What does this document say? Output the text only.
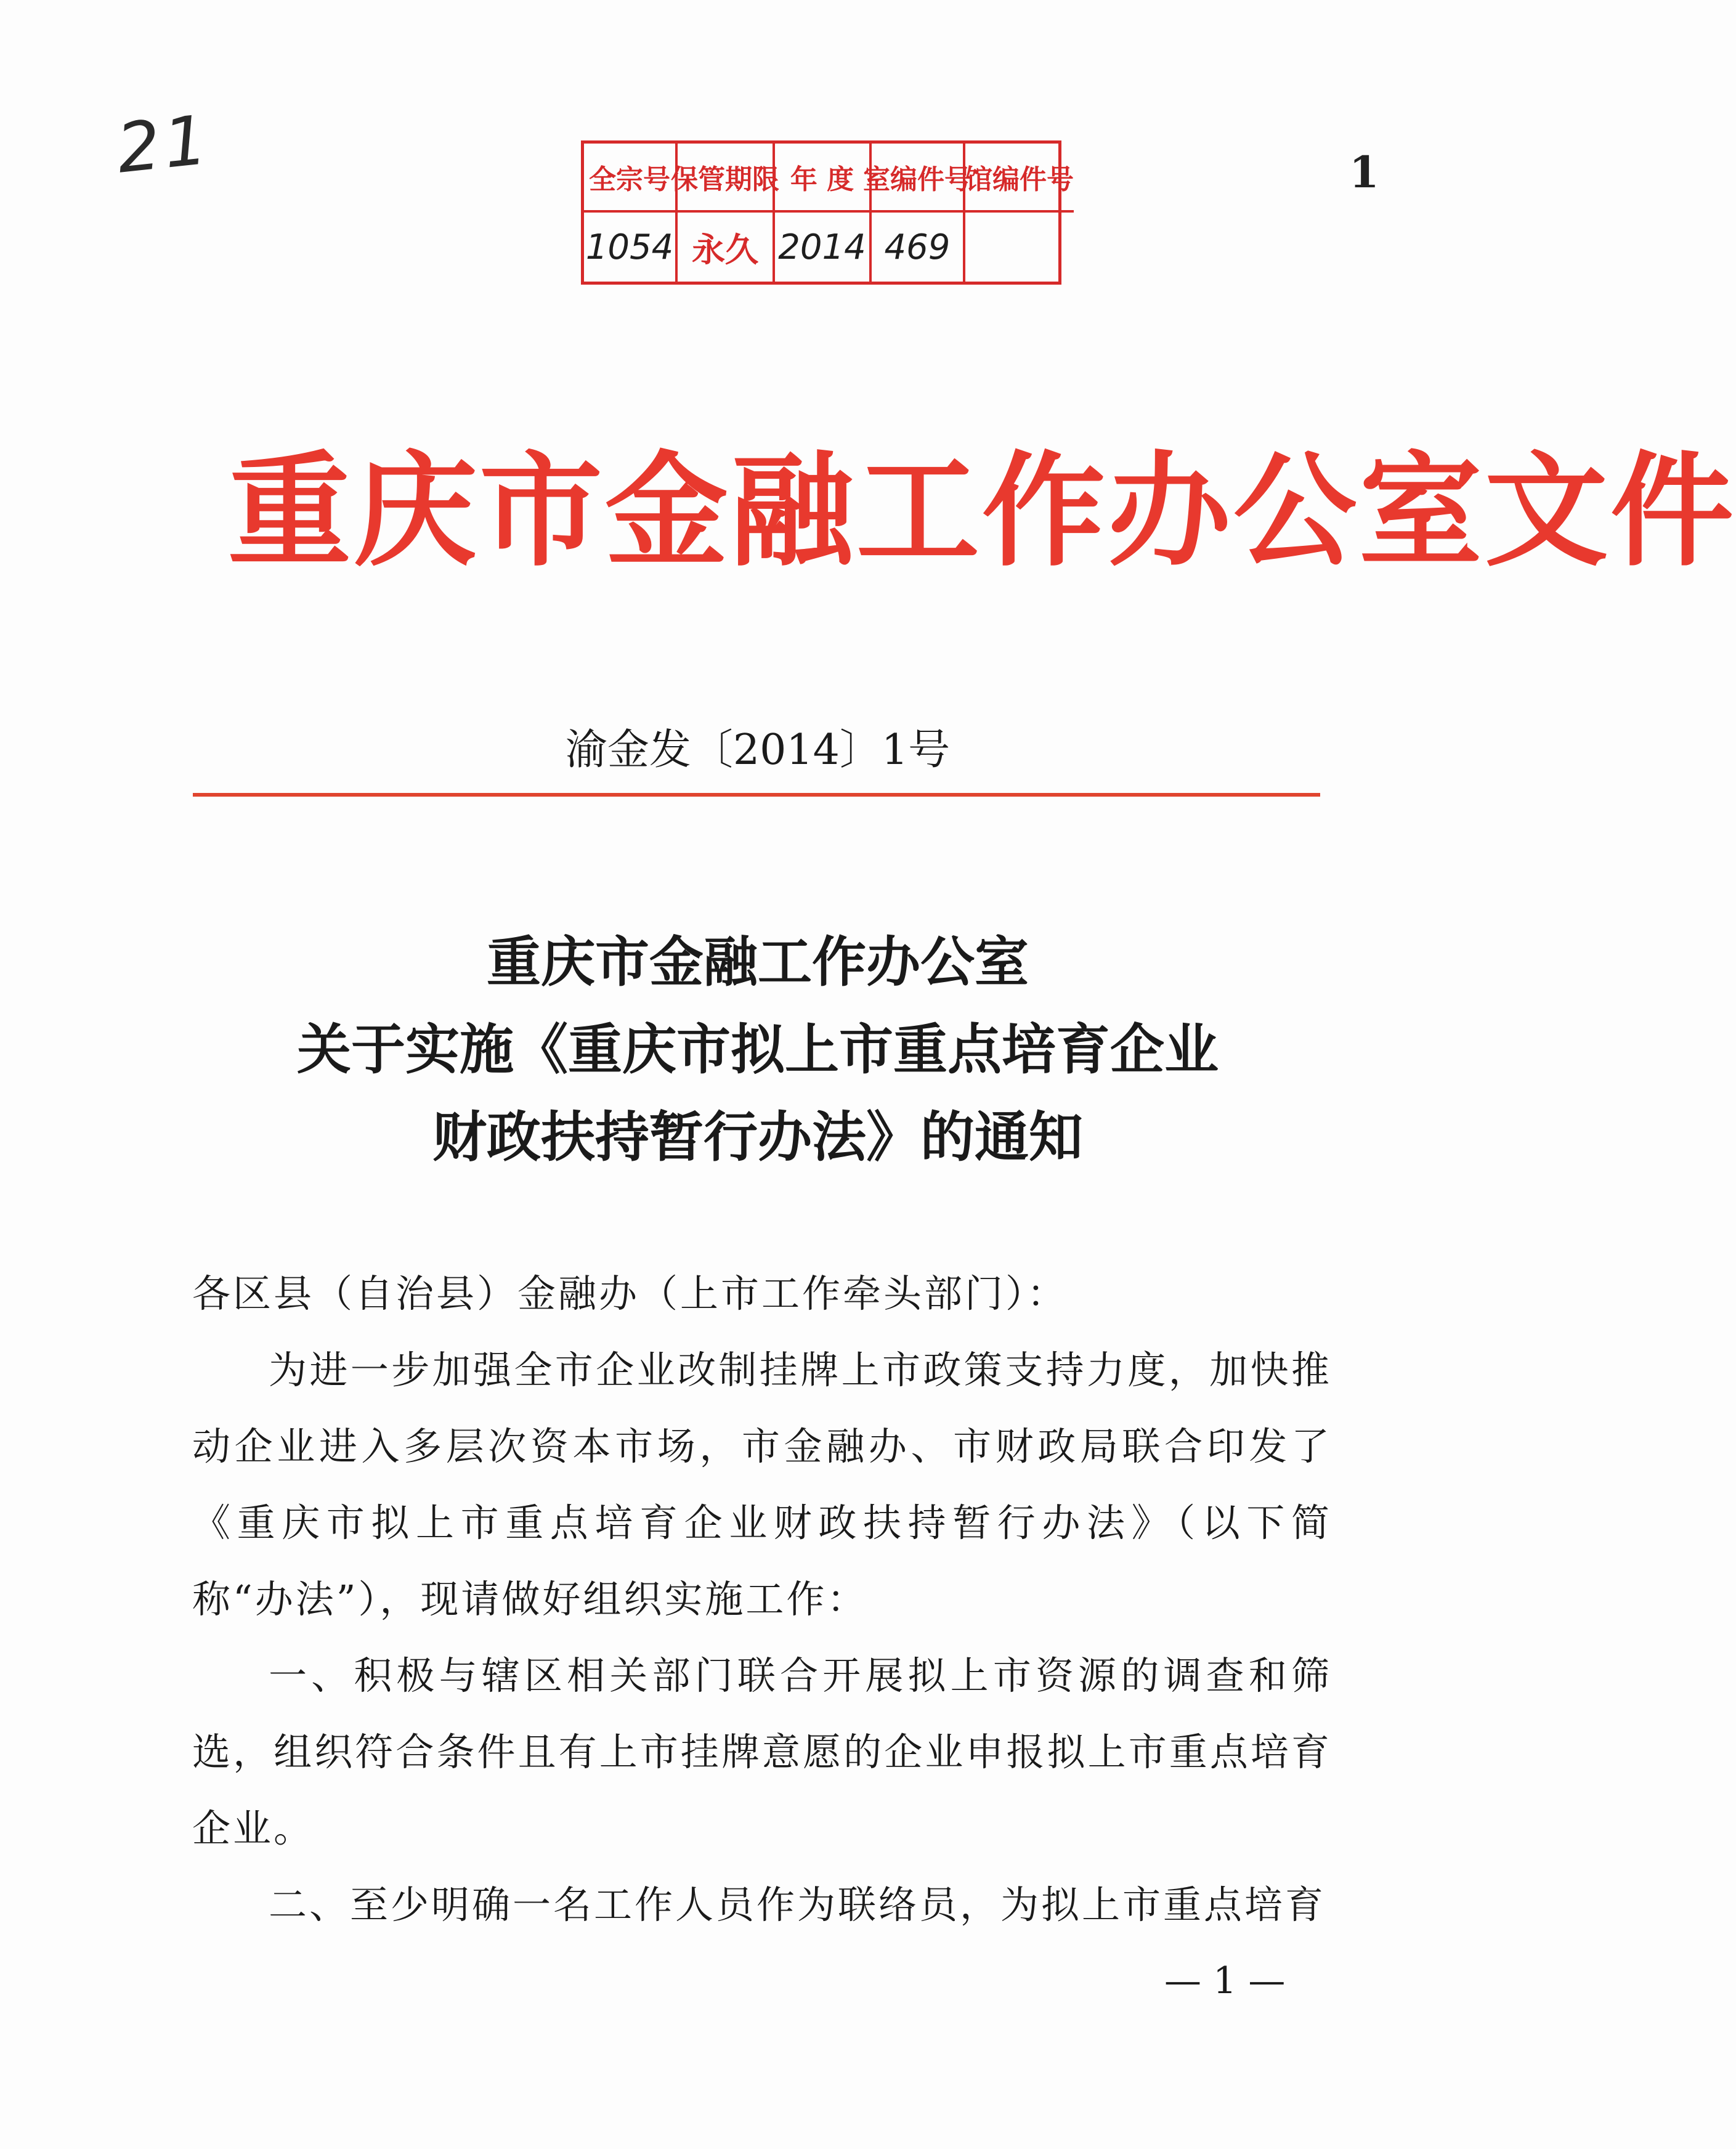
21	1
全宗号 保管期限 年 度 室编件号
馆编件号
1054 永久 2014 469
重庆市金融工作办公室文件
渝金发〔2014〕1号
重庆市金融工作办公室
关于实施《重庆市拟上市重点培育企业
财政扶持暂行办法》的通知

各区县（自治县）金融办（上市工作牵头部门）：

为进一步加强全市企业改制挂牌上市政策支持力度，加快推动企业进入多层次资本市场，市金融办、市财政局联合印发了《重庆市拟上市重点培育企业财政扶持暂行办法》（以下简称“办法”），现请做好组织实施工作：

一、积极与辖区相关部门联合开展拟上市资源的调查和筛选，组织符合条件且有上市挂牌意愿的企业申报拟上市重点培育企业。

二、至少明确一名工作人员作为联络员，为拟上市重点培育

— 1 —
